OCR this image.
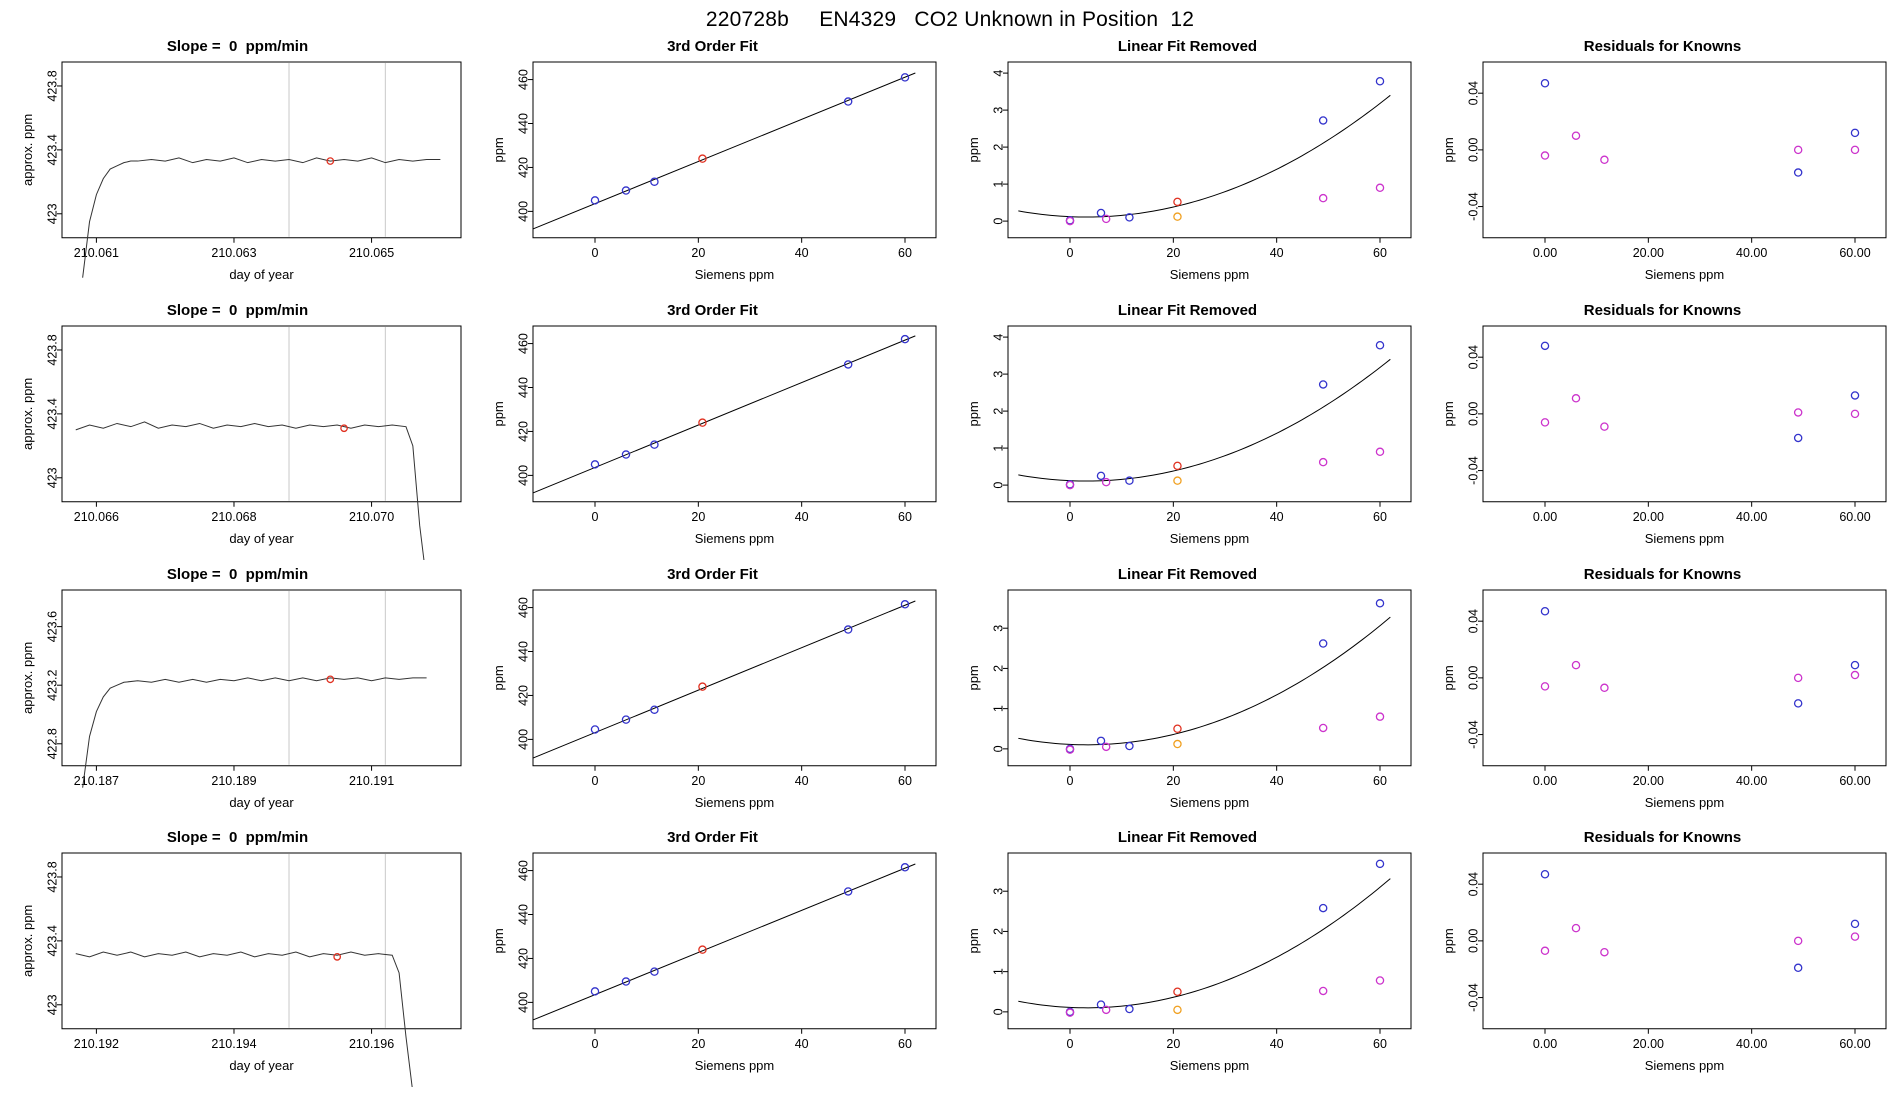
220728b     EN4329   CO2 Unknown in Position  12
Slope =  0  ppm/min
210.061	210.063	210.065
423
423.4
423.8
day of year
approx. ppm
3rd Order Fit
0	20	40	60
400
420
440
460
Siemens ppm
ppm
Linear Fit Removed
0	20	40	60
0
1
2
3
4
Siemens ppm
ppm
Residuals for Knowns
0.00	20.00	40.00	60.00
-0.04
0.00
0.04
Siemens ppm
ppm
Slope =  0  ppm/min
210.066	210.068	210.070
423
423.4
423.8
day of year
approx. ppm
3rd Order Fit
0	20	40	60
400
420
440
460
Siemens ppm
ppm
Linear Fit Removed
0	20	40	60
0
1
2
3
4
Siemens ppm
ppm
Residuals for Knowns
0.00	20.00	40.00	60.00
-0.04
0.00
0.04
Siemens ppm
ppm
Slope =  0  ppm/min
210.187	210.189	210.191
422.8
423.2
423.6
day of year
approx. ppm
3rd Order Fit
0	20	40	60
400
420
440
460
Siemens ppm
ppm
Linear Fit Removed
0	20	40	60
0
1
2
3
Siemens ppm
ppm
Residuals for Knowns
0.00	20.00	40.00	60.00
-0.04
0.00
0.04
Siemens ppm
ppm
Slope =  0  ppm/min
210.192	210.194	210.196
423
423.4
423.8
day of year
approx. ppm
3rd Order Fit
0	20	40	60
400
420
440
460
Siemens ppm
ppm
Linear Fit Removed
0	20	40	60
0
1
2
3
Siemens ppm
ppm
Residuals for Knowns
0.00	20.00	40.00	60.00
-0.04
0.00
0.04
Siemens ppm
ppm
